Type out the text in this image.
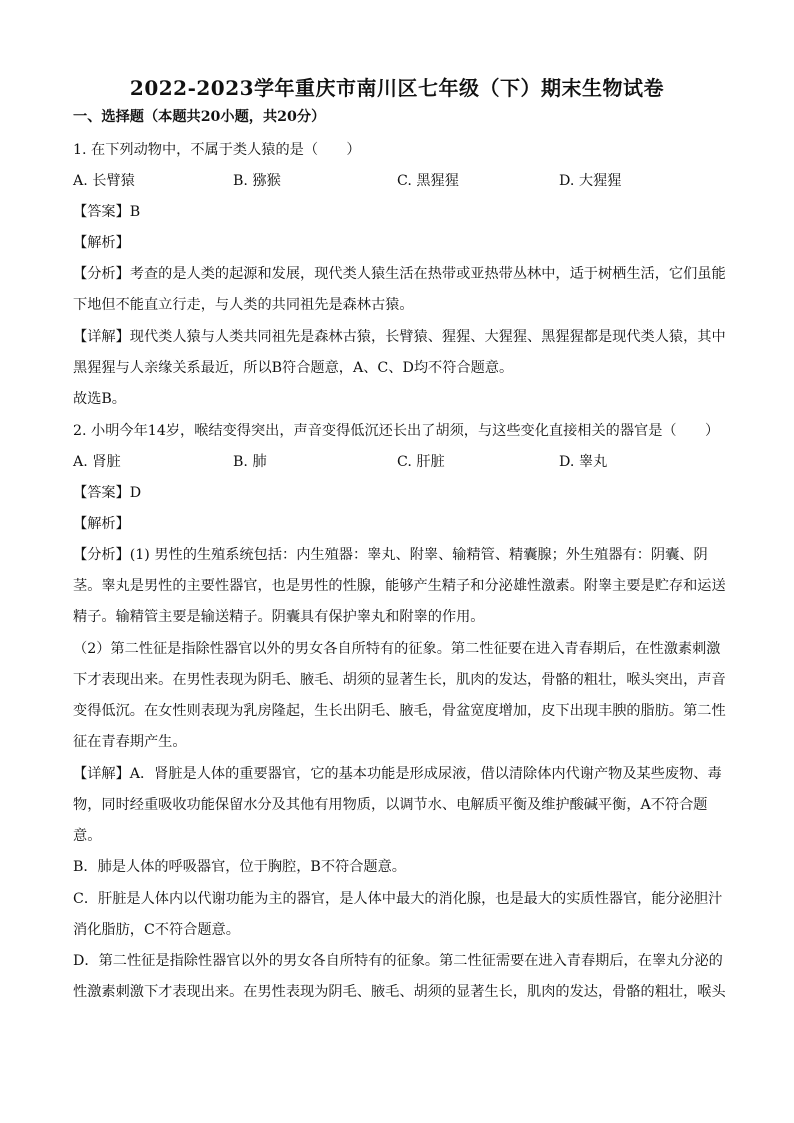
2022-2023学年重庆市南川区七年级（下）期末生物试卷
一、选择题（本题共20小题，共20分）
1. 在下列动物中，不属于类人猿的是（　　）
A. 长臂猿	B. 猕猴	C. 黑猩猩	D. 大猩猩
【答案】B
【解析】
【分析】考查的是人类的起源和发展，现代类人猿生活在热带或亚热带丛林中，适于树栖生活，它们虽能
下地但不能直立行走，与人类的共同祖先是森林古猿。
【详解】现代类人猿与人类共同祖先是森林古猿，长臂猿、猩猩、大猩猩、黑猩猩都是现代类人猿，其中
黑猩猩与人亲缘关系最近，所以B符合题意，A、C、D均不符合题意。
故选B。
2. 小明今年14岁，喉结变得突出，声音变得低沉还长出了胡须，与这些变化直接相关的器官是（　　）
A. 肾脏	B. 肺	C. 肝脏	D. 睾丸
【答案】D
【解析】
【分析】(1) 男性的生殖系统包括：内生殖器：睾丸、附睾、输精管、精囊腺；外生殖器有：阴囊、阴
茎。睾丸是男性的主要性器官，也是男性的性腺，能够产生精子和分泌雄性激素。附睾主要是贮存和运送
精子。输精管主要是输送精子。阴囊具有保护睾丸和附睾的作用。
（2）第二性征是指除性器官以外的男女各自所特有的征象。第二性征要在进入青春期后，在性激素刺激
下才表现出来。在男性表现为阴毛、腋毛、胡须的显著生长，肌肉的发达，骨骼的粗壮，喉头突出，声音
变得低沉。在女性则表现为乳房隆起，生长出阴毛、腋毛，骨盆宽度增加，皮下出现丰腴的脂肪。第二性
征在青春期产生。
【详解】A．肾脏是人体的重要器官，它的基本功能是形成尿液，借以清除体内代谢产物及某些废物、毒
物，同时经重吸收功能保留水分及其他有用物质，以调节水、电解质平衡及维护酸碱平衡，A不符合题
意。
B．肺是人体的呼吸器官，位于胸腔，B不符合题意。
C．肝脏是人体内以代谢功能为主的器官，是人体中最大的消化腺，也是最大的实质性器官，能分泌胆汁
消化脂肪，C不符合题意。
D．第二性征是指除性器官以外的男女各自所特有的征象。第二性征需要在进入青春期后，在睾丸分泌的
性激素刺激下才表现出来。在男性表现为阴毛、腋毛、胡须的显著生长，肌肉的发达，骨骼的粗壮，喉头
